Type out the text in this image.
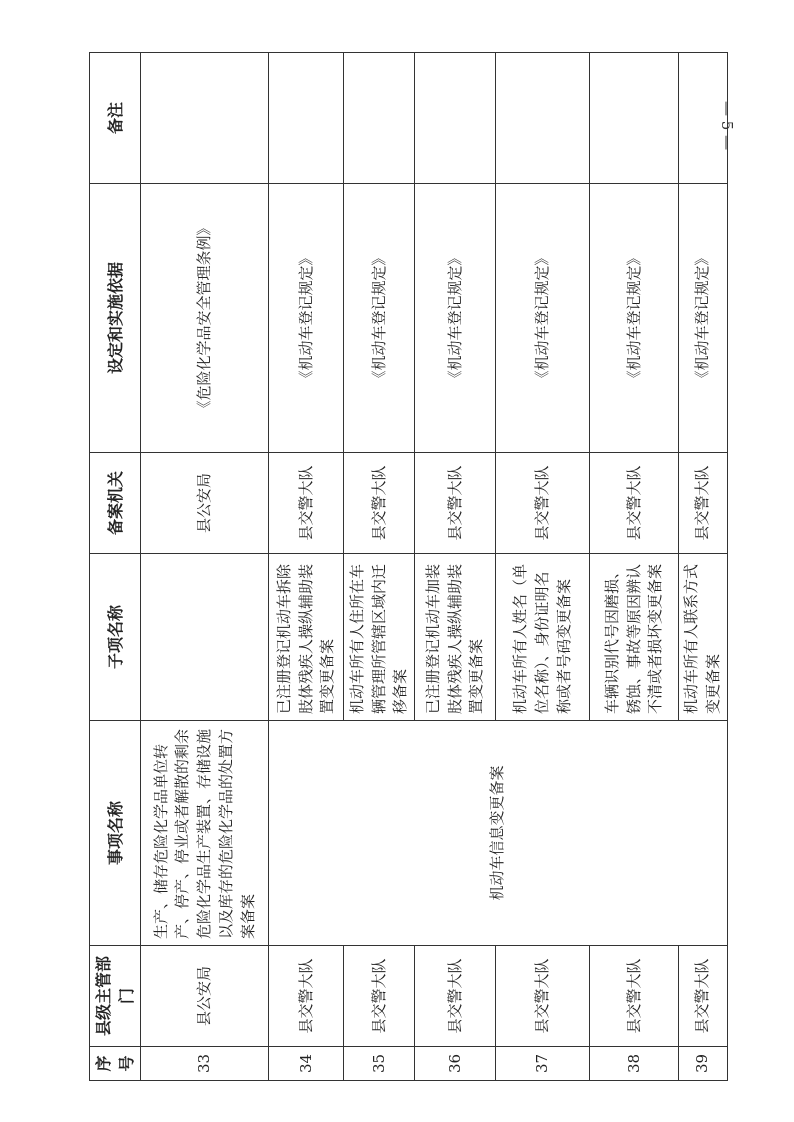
序号	县级主管部门	事项名称	子项名称	备案机关	设定和实施依据	备注
33	县公安局	生产、储存危险化学品单位转产、停产、停业或者解散的剩余危险化学品生产装置、存储设施以及库存的危险化学品的处置方案备案		县公安局	《危险化学品安全管理条例》	
34	县交警大队	机动车信息变更备案	已注册登记机动车拆除肢体残疾人操纵辅助装置变更备案	县交警大队	《机动车登记规定》	
35	县交警大队		机动车所有人住所在车辆管理所管辖区域内迁移备案	县交警大队	《机动车登记规定》	
36	县交警大队		已注册登记机动车加装肢体残疾人操纵辅助装置变更备案	县交警大队	《机动车登记规定》	
37	县交警大队		机动车所有人姓名（单位名称）、身份证明名称或者号码变更备案	县交警大队	《机动车登记规定》	
38	县交警大队		车辆识别代号因磨损、锈蚀、事故等原因辨认不清或者损坏变更备案	县交警大队	《机动车登记规定》	
39	县交警大队		机动车所有人联系方式变更备案	县交警大队	《机动车登记规定》	
— 5 —
